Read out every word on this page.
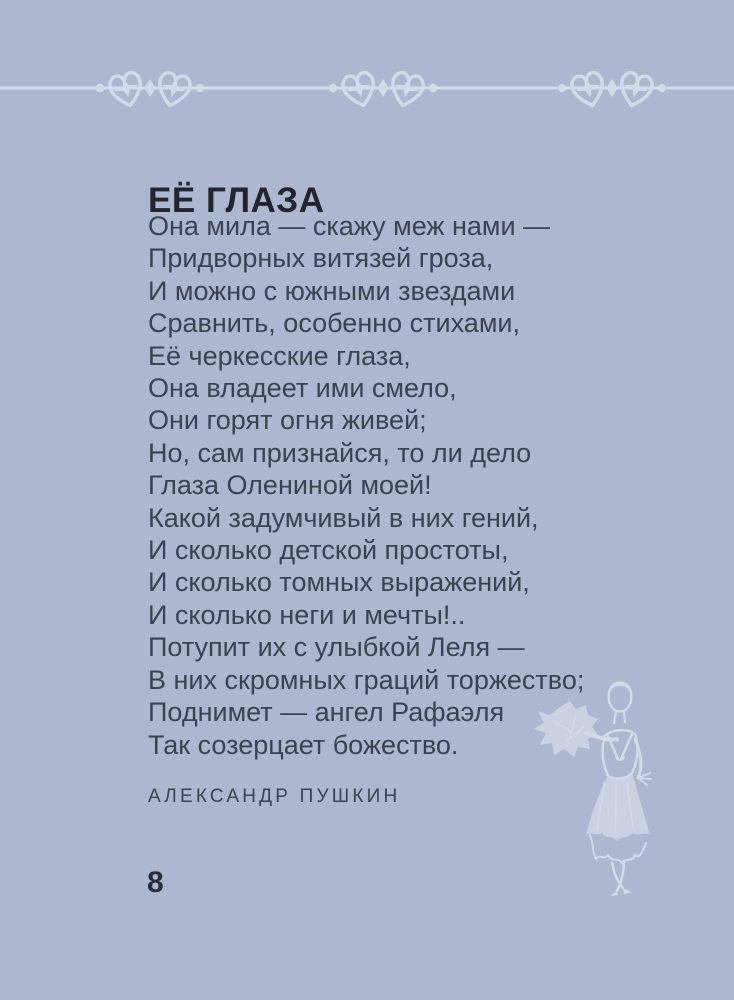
ЕЁ ГЛАЗА
Она мила — скажу меж нами —
Придворных витязей гроза,
И можно с южными звездами
Сравнить, особенно стихами,
Её черкесские глаза,
Она владеет ими смело,
Они горят огня живей;
Но, сам признайся, то ли дело
Глаза Олениной моей!
Какой задумчивый в них гений,
И сколько детской простоты,
И сколько томных выражений,
И сколько неги и мечты!..
Потупит их с улыбкой Леля —
В них скромных граций торжество;
Поднимет — ангел Рафаэля
Так созерцает божество.
АЛЕКСАНДР ПУШКИН
8
